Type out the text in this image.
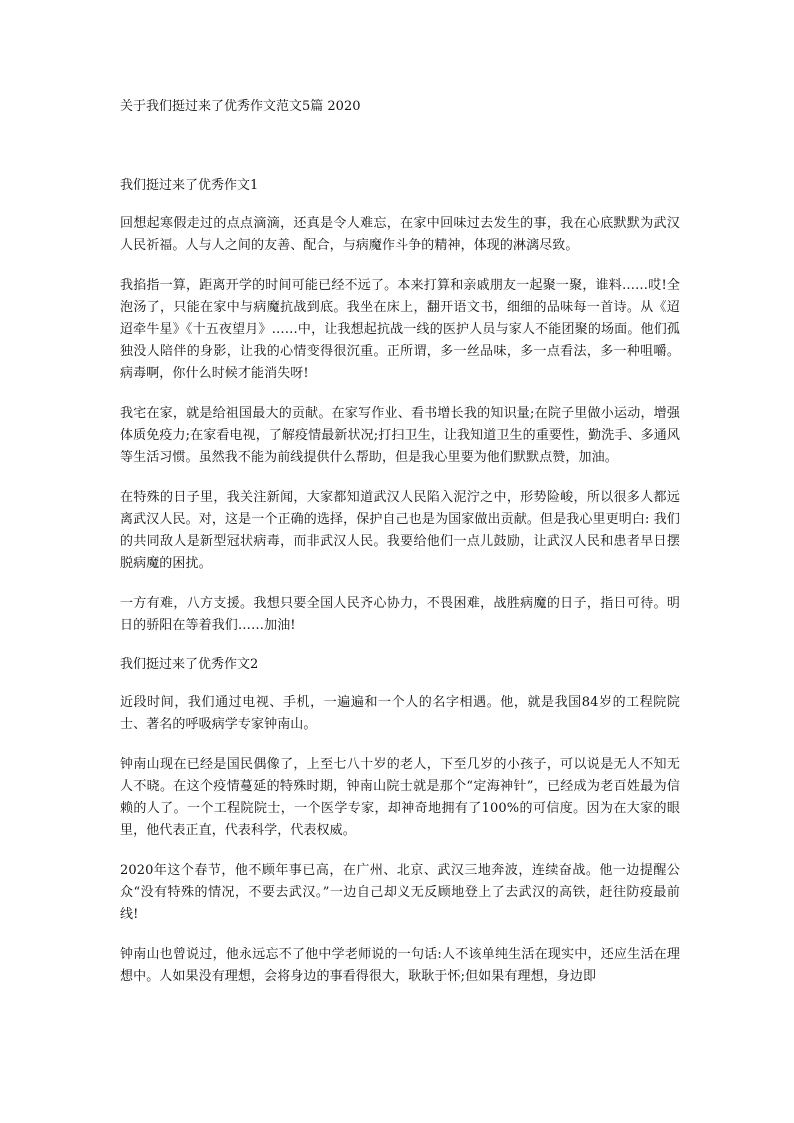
关于我们挺过来了优秀作文范文5篇 2020
我们挺过来了优秀作文1

回想起寒假走过的点点滴滴，还真是令人难忘，在家中回味过去发生的事，我在心底默默为武汉人民祈福。人与人之间的友善、配合，与病魔作斗争的精神，体现的淋漓尽致。

我掐指一算，距离开学的时间可能已经不远了。本来打算和亲戚朋友一起聚一聚，谁料……哎!全泡汤了，只能在家中与病魔抗战到底。我坐在床上，翻开语文书，细细的品味每一首诗。从《迢迢牵牛星》《十五夜望月》……中，让我想起抗战一线的医护人员与家人不能团聚的场面。他们孤独没人陪伴的身影，让我的心情变得很沉重。正所谓，多一丝品味，多一点看法，多一种咀嚼。病毒啊，你什么时候才能消失呀!

我宅在家，就是给祖国最大的贡献。在家写作业、看书增长我的知识量;在院子里做小运动，增强体质免疫力;在家看电视，了解疫情最新状况;打扫卫生，让我知道卫生的重要性，勤洗手、多通风等生活习惯。虽然我不能为前线提供什么帮助，但是我心里要为他们默默点赞，加油。

在特殊的日子里，我关注新闻，大家都知道武汉人民陷入泥泞之中，形势险峻，所以很多人都远离武汉人民。对，这是一个正确的选择，保护自己也是为国家做出贡献。但是我心里更明白: 我们的共同敌人是新型冠状病毒，而非武汉人民。我要给他们一点儿鼓励，让武汉人民和患者早日摆脱病魔的困扰。

一方有难，八方支援。我想只要全国人民齐心协力，不畏困难，战胜病魔的日子，指日可待。明日的骄阳在等着我们……加油!

我们挺过来了优秀作文2

近段时间，我们通过电视、手机，一遍遍和一个人的名字相遇。他，就是我国84岁的工程院院士、著名的呼吸病学专家钟南山。

钟南山现在已经是国民偶像了，上至七八十岁的老人，下至几岁的小孩子，可以说是无人不知无人不晓。在这个疫情蔓延的特殊时期，钟南山院士就是那个“定海神针”，已经成为老百姓最为信赖的人了。一个工程院院士，一个医学专家，却神奇地拥有了100%的可信度。因为在大家的眼里，他代表正直，代表科学，代表权威。

2020年这个春节，他不顾年事已高，在广州、北京、武汉三地奔波，连续奋战。他一边提醒公众“没有特殊的情况，不要去武汉。”一边自己却义无反顾地登上了去武汉的高铁，赶往防疫最前线!

钟南山也曾说过，他永远忘不了他中学老师说的一句话:人不该单纯生活在现实中，还应生活在理想中。人如果没有理想，会将身边的事看得很大，耿耿于怀;但如果有理想，身边即
